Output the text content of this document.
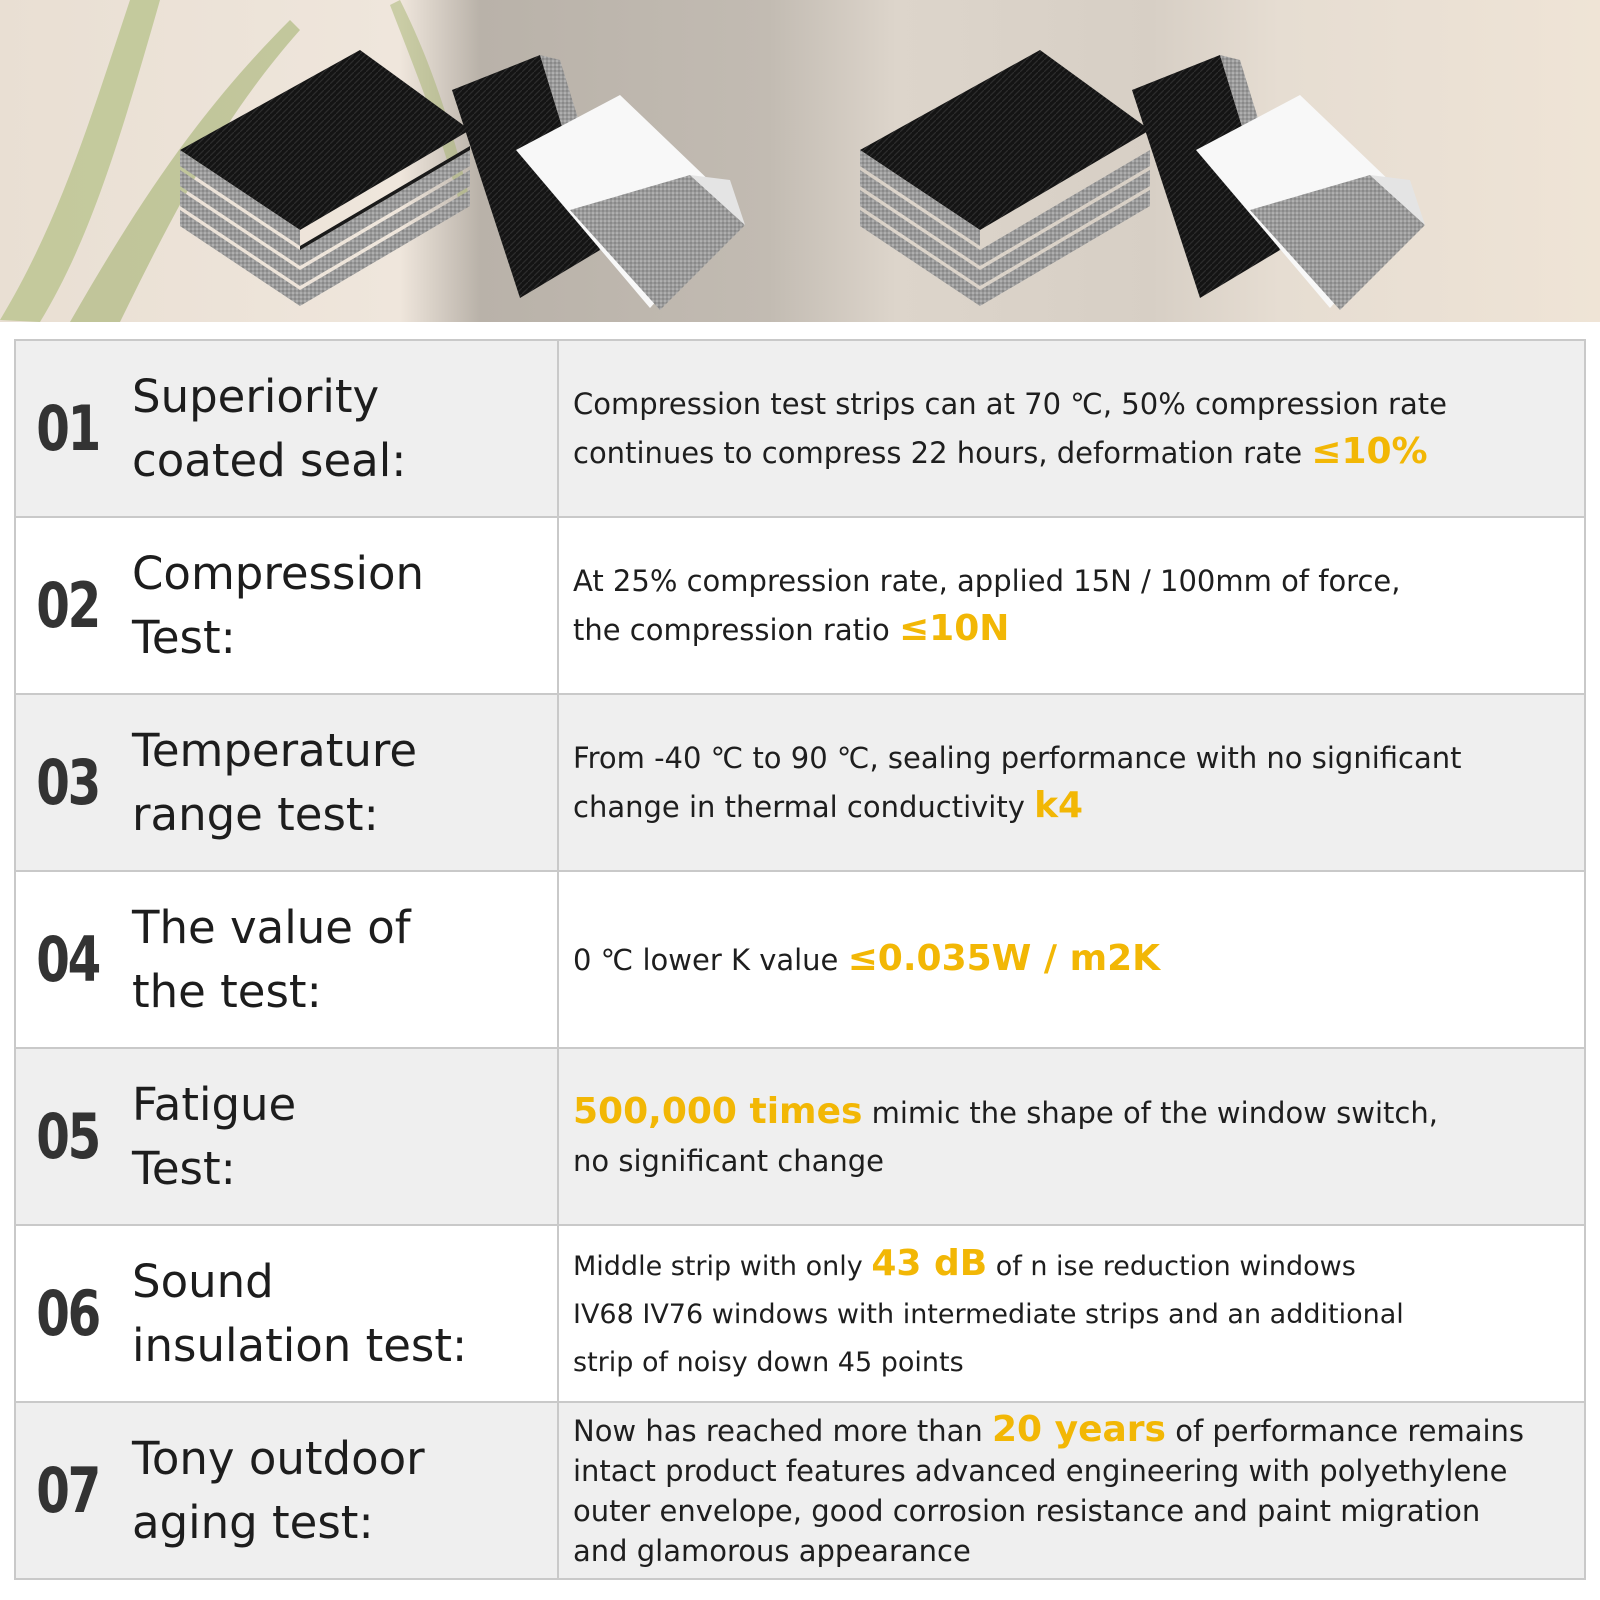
01 Superiority
coated seal:
Compression test strips can at 70 ℃, 50% compression rate
continues to compress 22 hours, deformation rate ≤10%
02 Compression
Test:
At 25% compression rate, applied 15N / 100mm of force,
the compression ratio ≤10N
03 Temperature
range test:
From -40 ℃ to 90 ℃, sealing performance with no significant
change in thermal conductivity k4
04 The value of
the test:
0 ℃ lower K value ≤0.035W / m2K
05 Fatigue
Test:
500,000 times mimic the shape of the window switch,
no significant change
06 Sound
insulation test:
Middle strip with only 43 dB of n ise reduction windows
IV68 IV76 windows with intermediate strips and an additional
strip of noisy down 45 points
07 Tony outdoor
aging test:
Now has reached more than 20 years of performance remains
intact product features advanced engineering with polyethylene
outer envelope, good corrosion resistance and paint migration
and glamorous appearance
